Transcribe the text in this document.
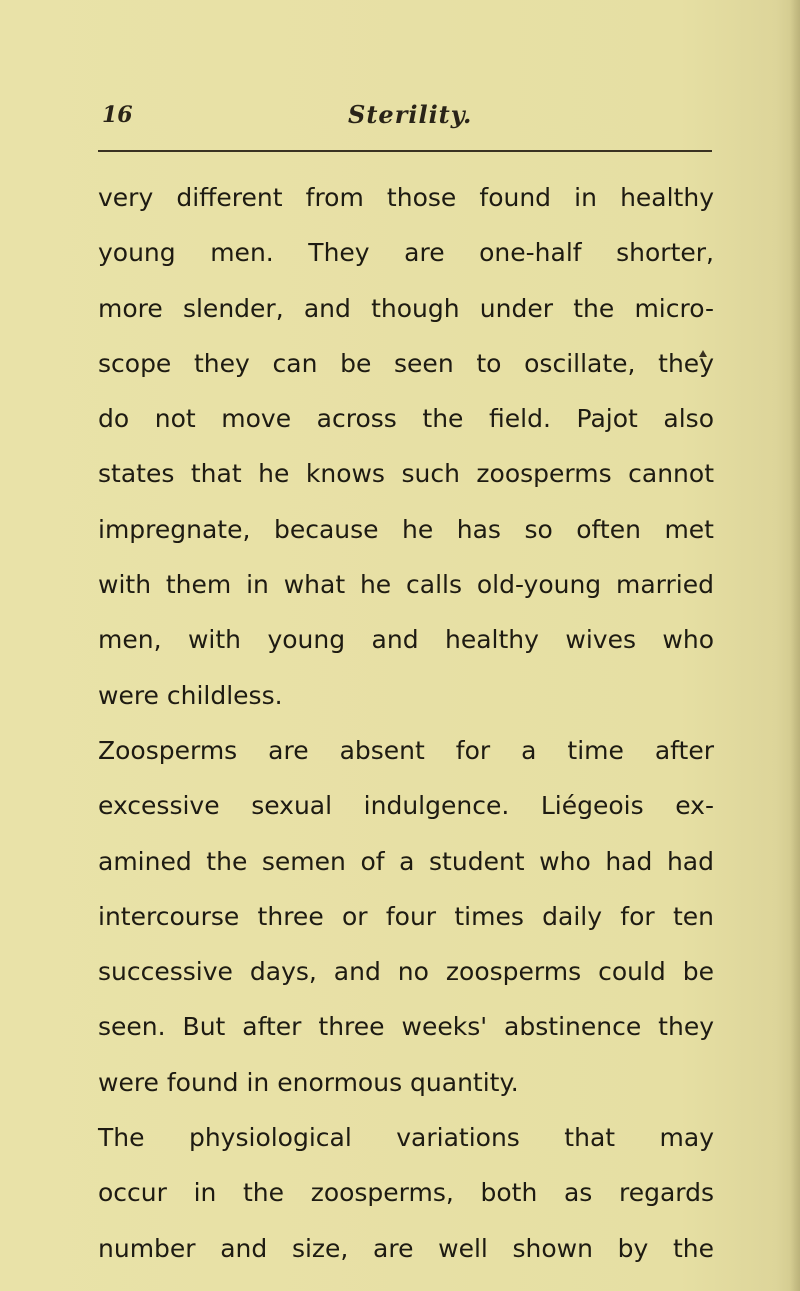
16	Sterility.
very different from those found in healthy
young men. They are one-half shorter,
more slender, and though under the micro-
scope they can be seen to oscillate, they
do not move across the field. Pajot also
states that he knows such zoosperms cannot
impregnate, because he has so often met
with them in what he calls old-young married
men, with young and healthy wives who
were childless.
Zoosperms are absent for a time after
excessive sexual indulgence. Liégeois ex-
amined the semen of a student who had had
intercourse three or four times daily for ten
successive days, and no zoosperms could be
seen. But after three weeks' abstinence they
were found in enormous quantity.
The physiological variations that may
occur in the zoosperms, both as regards
number and size, are well shown by the
